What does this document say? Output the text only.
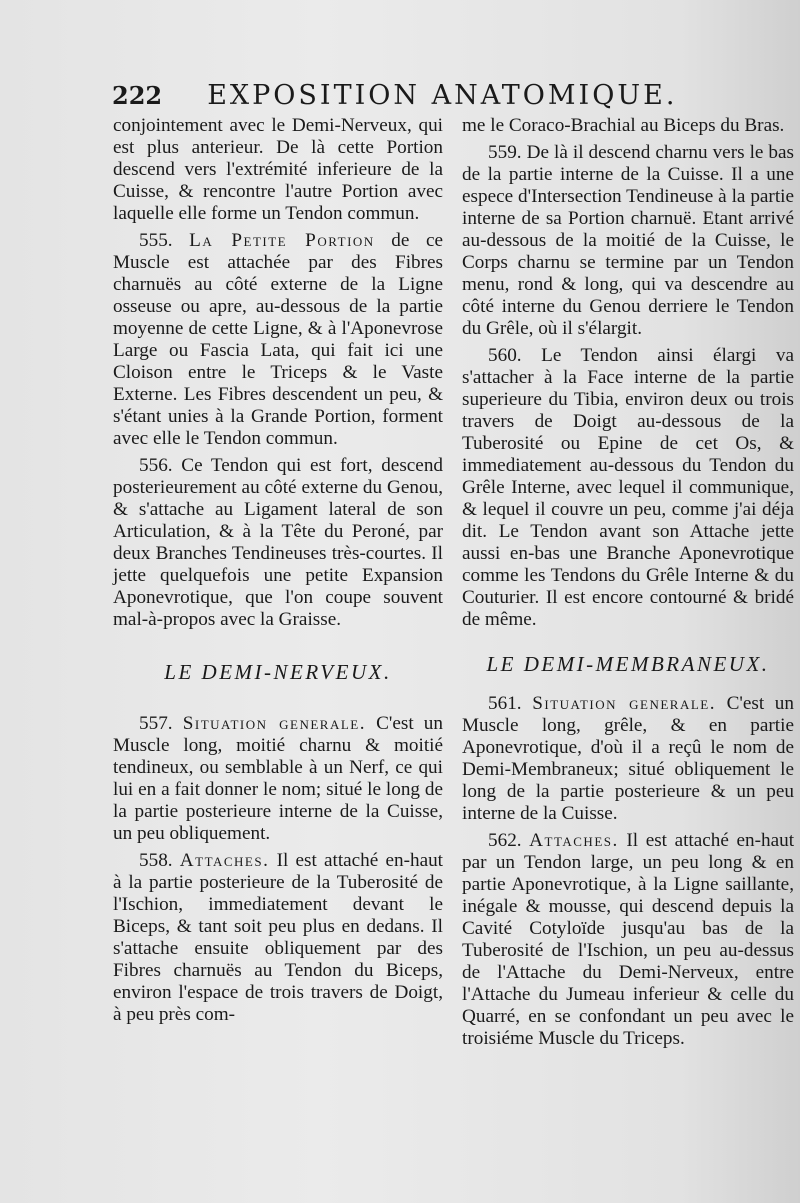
222 EXPOSITION ANATOMIQUE.

conjointement avec le Demi-Nerveux, qui est plus anterieur. De là cette Portion descend vers l'extrémité inferieure de la Cuisse, & rencontre l'autre Portion avec laquelle elle forme un Tendon commun.

555. La Petite Portion de ce Muscle est attachée par des Fibres charnuës au côté externe de la Ligne osseuse ou apre, au-dessous de la partie moyenne de cette Ligne, & à l'Aponevrose Large ou Fascia Lata, qui fait ici une Cloison entre le Triceps & le Vaste Externe. Les Fibres descendent un peu, & s'étant unies à la Grande Portion, forment avec elle le Tendon commun.

556. Ce Tendon qui est fort, descend posterieurement au côté externe du Genou, & s'attache au Ligament lateral de son Articulation, & à la Tête du Peroné, par deux Branches Tendineuses très-courtes. Il jette quelquefois une petite Expansion Aponevrotique, que l'on coupe souvent mal-à-propos avec la Graisse.

LE DEMI-NERVEUX.

557. Situation generale. C'est un Muscle long, moitié charnu & moitié tendineux, ou semblable à un Nerf, ce qui lui en a fait donner le nom; situé le long de la partie posterieure interne de la Cuisse, un peu obliquement.

558. Attaches. Il est attaché en-haut à la partie posterieure de la Tuberosité de l'Ischion, immediatement devant le Biceps, & tant soit peu plus en dedans. Il s'attache ensuite obliquement par des Fibres charnuës au Tendon du Biceps, environ l'espace de trois travers de Doigt, à peu près com-

me le Coraco-Brachial au Biceps du Bras.

559. De là il descend charnu vers le bas de la partie interne de la Cuisse. Il a une espece d'Intersection Tendineuse à la partie interne de sa Portion charnuë. Etant arrivé au-dessous de la moitié de la Cuisse, le Corps charnu se termine par un Tendon menu, rond & long, qui va descendre au côté interne du Genou derriere le Tendon du Grêle, où il s'élargit.

560. Le Tendon ainsi élargi va s'attacher à la Face interne de la partie superieure du Tibia, environ deux ou trois travers de Doigt au-dessous de la Tuberosité ou Epine de cet Os, & immediatement au-dessous du Tendon du Grêle Interne, avec lequel il communique, & lequel il couvre un peu, comme j'ai déja dit. Le Tendon avant son Attache jette aussi en-bas une Branche Aponevrotique comme les Tendons du Grêle Interne & du Couturier. Il est encore contourné & bridé de même.

LE DEMI-MEMBRANEUX.

561. Situation generale. C'est un Muscle long, grêle, & en partie Aponevrotique, d'où il a reçû le nom de Demi-Membraneux; situé obliquement le long de la partie posterieure & un peu interne de la Cuisse.

562. Attaches. Il est attaché en-haut par un Tendon large, un peu long & en partie Aponevrotique, à la Ligne saillante, inégale & mousse, qui descend depuis la Cavité Cotyloïde jusqu'au bas de la Tuberosité de l'Ischion, un peu au-dessus de l'Attache du Demi-Nerveux, entre l'Attache du Jumeau inferieur & celle du Quarré, en se confondant un peu avec le troisiéme Muscle du Triceps.
